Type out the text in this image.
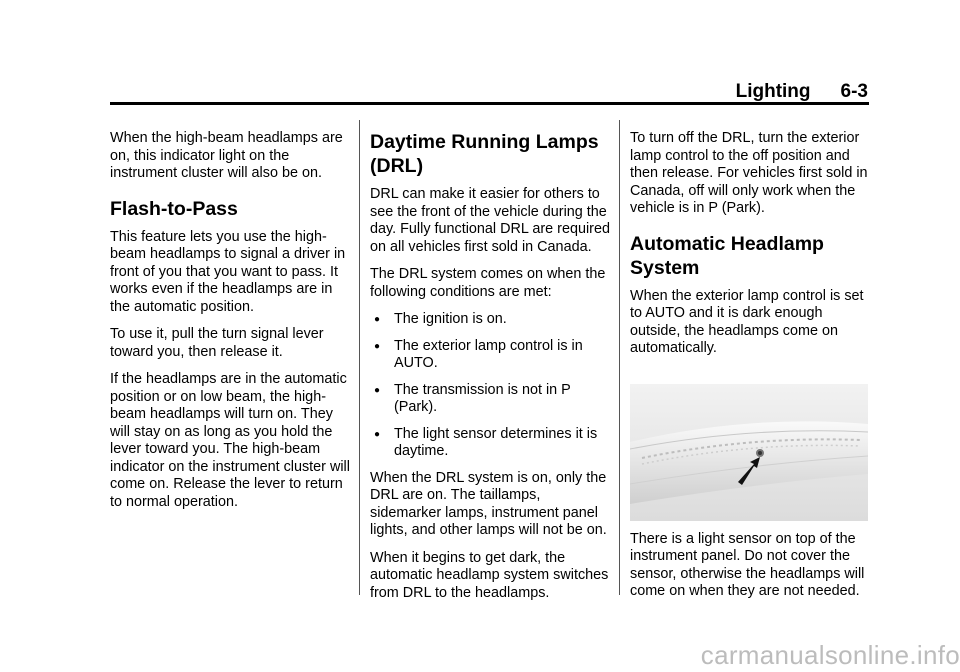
Lighting 6-3

When the high-beam headlamps are on, this indicator light on the instrument cluster will also be on.

Flash-to-Pass

This feature lets you use the high-beam headlamps to signal a driver in front of you that you want to pass. It works even if the headlamps are in the automatic position.

To use it, pull the turn signal lever toward you, then release it.

If the headlamps are in the automatic position or on low beam, the high-beam headlamps will turn on. They will stay on as long as you hold the lever toward you. The high-beam indicator on the instrument cluster will come on. Release the lever to return to normal operation.

Daytime Running Lamps (DRL)

DRL can make it easier for others to see the front of the vehicle during the day. Fully functional DRL are required on all vehicles first sold in Canada.

The DRL system comes on when the following conditions are met:

● The ignition is on.
● The exterior lamp control is in AUTO.
● The transmission is not in P (Park).
● The light sensor determines it is daytime.

When the DRL system is on, only the DRL are on. The taillamps, sidemarker lamps, instrument panel lights, and other lamps will not be on.

When it begins to get dark, the automatic headlamp system switches from DRL to the headlamps.

To turn off the DRL, turn the exterior lamp control to the off position and then release. For vehicles first sold in Canada, off will only work when the vehicle is in P (Park).

Automatic Headlamp System

When the exterior lamp control is set to AUTO and it is dark enough outside, the headlamps come on automatically.

There is a light sensor on top of the instrument panel. Do not cover the sensor, otherwise the headlamps will come on when they are not needed.

carmanualsonline.info
